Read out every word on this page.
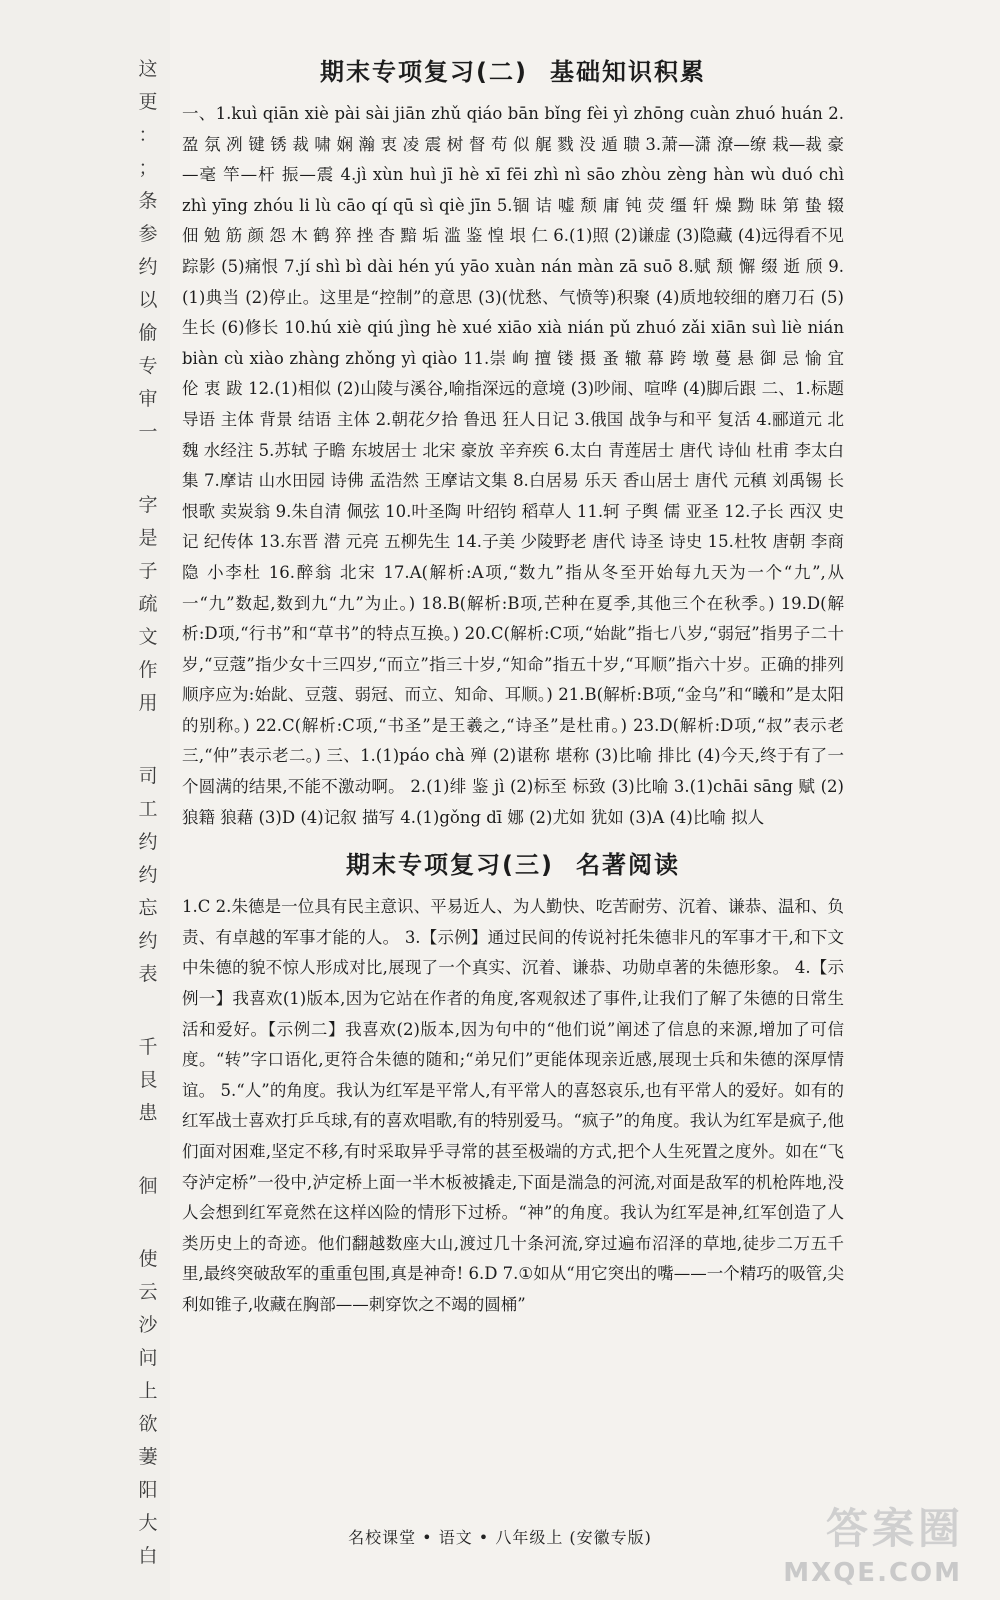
这
更
：
；
条
参
约
以
偷
专
审
一
字
是
子
疏
文
作
用
司
工
约
约
忘
约
表
千
艮
患
徊
使
云
沙
问
上
欲
萋
阳
大
白
期末专项复习(二) 基础知识积累

一、1.kuì qiān xiè pài sài jiān zhǔ qiáo bān bǐng fèi yì zhōng cuàn zhuó huán 2.盈 氛 冽 键 锈 裁 啸 娴 瀚 衷 凌 震 树 督 苟 似 艉 戮 没 遁 聩 3.萧—潇 潦—缭 栽—裁 豪—毫 竿—杆 振—震 4.jì xùn huì jī hè xī fēi zhì nì sāo zhòu zèng hàn wù duó chì zhì yīng zhóu li lù cāo qí qū sì qiè jīn 5.锢 诘 嘘 颓 庸 钝 荧 缰 轩 燥 黝 昧 第 蛰 辍 佃 勉 筋 颜 怨 木 鹤 猝 挫 杳 黯 垢 滥 鉴 惶 垠 仁 6.(1)照 (2)谦虚 (3)隐藏 (4)远得看不见踪影 (5)痛恨 7.jí shì bì dài hén yú yāo xuàn nán màn zā suō 8.赋 颓 懈 缀 逝 颀 9.(1)典当 (2)停止。这里是“控制”的意思 (3)(忧愁、气愤等)积聚 (4)质地较细的磨刀石 (5)生长 (6)修长 10.hú xiè qiú jìng hè xué xiāo xià nián pǔ zhuó zǎi xiān suì liè nián biàn cù xiào zhàng zhǒng yì qiào 11.崇 峋 擅 镂 摄 蚤 辙 幕 跨 墩 蔓 悬 御 忌 愉 宜 伦 衷 跋 12.(1)相似 (2)山陵与溪谷,喻指深远的意境 (3)吵闹、喧哗 (4)脚后跟 二、1.标题 导语 主体 背景 结语 主体 2.朝花夕拾 鲁迅 狂人日记 3.俄国 战争与和平 复活 4.郦道元 北魏 水经注 5.苏轼 子瞻 东坡居士 北宋 豪放 辛弃疾 6.太白 青莲居士 唐代 诗仙 杜甫 李太白集 7.摩诘 山水田园 诗佛 孟浩然 王摩诘文集 8.白居易 乐天 香山居士 唐代 元稹 刘禹锡 长恨歌 卖炭翁 9.朱自清 佩弦 10.叶圣陶 叶绍钧 稻草人 11.轲 子舆 儒 亚圣 12.子长 西汉 史记 纪传体 13.东晋 潜 元亮 五柳先生 14.子美 少陵野老 唐代 诗圣 诗史 15.杜牧 唐朝 李商隐 小李杜 16.醉翁 北宋 17.A(解析:A项,“数九”指从冬至开始每九天为一个“九”,从一“九”数起,数到九“九”为止。) 18.B(解析:B项,芒种在夏季,其他三个在秋季。) 19.D(解析:D项,“行书”和“草书”的特点互换。) 20.C(解析:C项,“始龀”指七八岁,“弱冠”指男子二十岁,“豆蔻”指少女十三四岁,“而立”指三十岁,“知命”指五十岁,“耳顺”指六十岁。正确的排列顺序应为:始龀、豆蔻、弱冠、而立、知命、耳顺。) 21.B(解析:B项,“金乌”和“曦和”是太阳的别称。) 22.C(解析:C项,“书圣”是王羲之,“诗圣”是杜甫。) 23.D(解析:D项,“叔”表示老三,“仲”表示老二。) 三、1.(1)páo chà 殚 (2)谌称 堪称 (3)比喻 排比 (4)今天,终于有了一个圆满的结果,不能不激动啊。 2.(1)绯 鉴 jì (2)标至 标致 (3)比喻 3.(1)chāi sāng 赋 (2)狼籍 狼藉 (3)D (4)记叙 描写 4.(1)gǒng dī 娜 (2)尤如 犹如 (3)A (4)比喻 拟人

期末专项复习(三) 名著阅读

1.C 2.朱德是一位具有民主意识、平易近人、为人勤快、吃苦耐劳、沉着、谦恭、温和、负责、有卓越的军事才能的人。 3.【示例】通过民间的传说衬托朱德非凡的军事才干,和下文中朱德的貌不惊人形成对比,展现了一个真实、沉着、谦恭、功勋卓著的朱德形象。 4.【示例一】我喜欢(1)版本,因为它站在作者的角度,客观叙述了事件,让我们了解了朱德的日常生活和爱好。【示例二】我喜欢(2)版本,因为句中的“他们说”阐述了信息的来源,增加了可信度。“转”字口语化,更符合朱德的随和;“弟兄们”更能体现亲近感,展现士兵和朱德的深厚情谊。 5.“人”的角度。我认为红军是平常人,有平常人的喜怒哀乐,也有平常人的爱好。如有的红军战士喜欢打乒乓球,有的喜欢唱歌,有的特别爱马。“疯子”的角度。我认为红军是疯子,他们面对困难,坚定不移,有时采取异乎寻常的甚至极端的方式,把个人生死置之度外。如在“飞夺泸定桥”一役中,泸定桥上面一半木板被撬走,下面是湍急的河流,对面是敌军的机枪阵地,没人会想到红军竟然在这样凶险的情形下过桥。“神”的角度。我认为红军是神,红军创造了人类历史上的奇迹。他们翻越数座大山,渡过几十条河流,穿过遍布沼泽的草地,徒步二万五千里,最终突破敌军的重重包围,真是神奇! 6.D 7.①如从“用它突出的嘴——一个精巧的吸管,尖利如锥子,收藏在胸部——刺穿饮之不竭的圆桶”

名校课堂 • 语文 • 八年级上 (安徽专版)	答案圈
MXQE.COM
